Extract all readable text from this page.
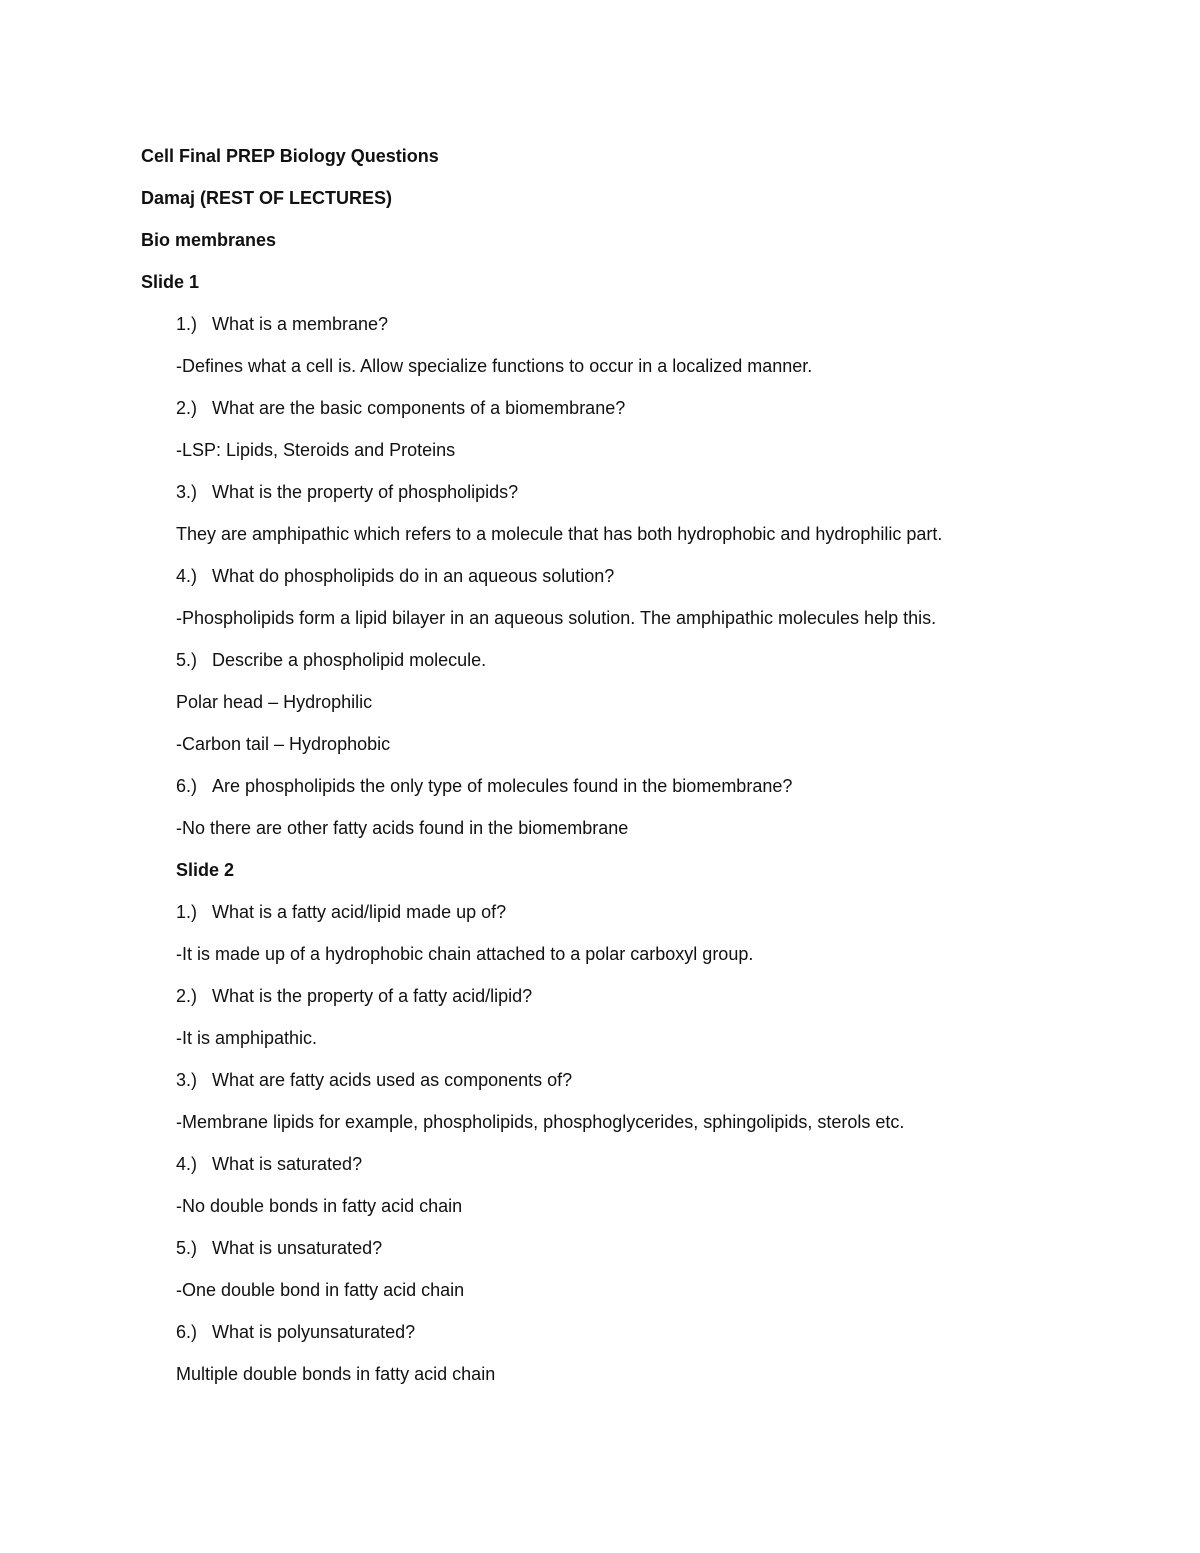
Cell Final PREP Biology Questions
Damaj (REST OF LECTURES)
Bio membranes
Slide 1
1.) What is a membrane?
-Defines what a cell is. Allow specialize functions to occur in a localized manner.
2.) What are the basic components of a biomembrane?
-LSP: Lipids, Steroids and Proteins
3.) What is the property of phospholipids?
They are amphipathic which refers to a molecule that has both hydrophobic and hydrophilic part.
4.) What do phospholipids do in an aqueous solution?
-Phospholipids form a lipid bilayer in an aqueous solution. The amphipathic molecules help this.
5.) Describe a phospholipid molecule.
Polar head – Hydrophilic
-Carbon tail – Hydrophobic
6.) Are phospholipids the only type of molecules found in the biomembrane?
-No there are other fatty acids found in the biomembrane
Slide 2
1.) What is a fatty acid/lipid made up of?
-It is made up of a hydrophobic chain attached to a polar carboxyl group.
2.) What is the property of a fatty acid/lipid?
-It is amphipathic.
3.) What are fatty acids used as components of?
-Membrane lipids for example, phospholipids, phosphoglycerides, sphingolipids, sterols etc.
4.) What is saturated?
-No double bonds in fatty acid chain
5.) What is unsaturated?
-One double bond in fatty acid chain
6.) What is polyunsaturated?
Multiple double bonds in fatty acid chain
